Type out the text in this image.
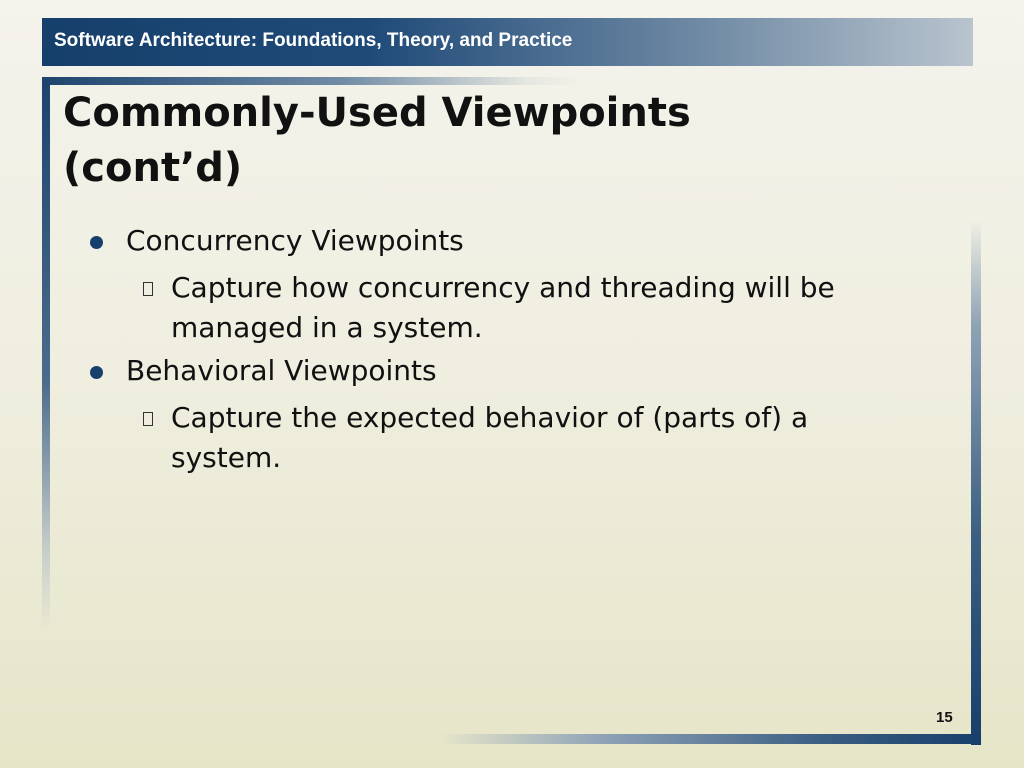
Software Architecture: Foundations, Theory, and Practice
Commonly-Used Viewpoints
(cont’d)
Concurrency Viewpoints
Capture how concurrency and threading will be managed in a system.
Behavioral Viewpoints
Capture the expected behavior of (parts of) a system.
15
